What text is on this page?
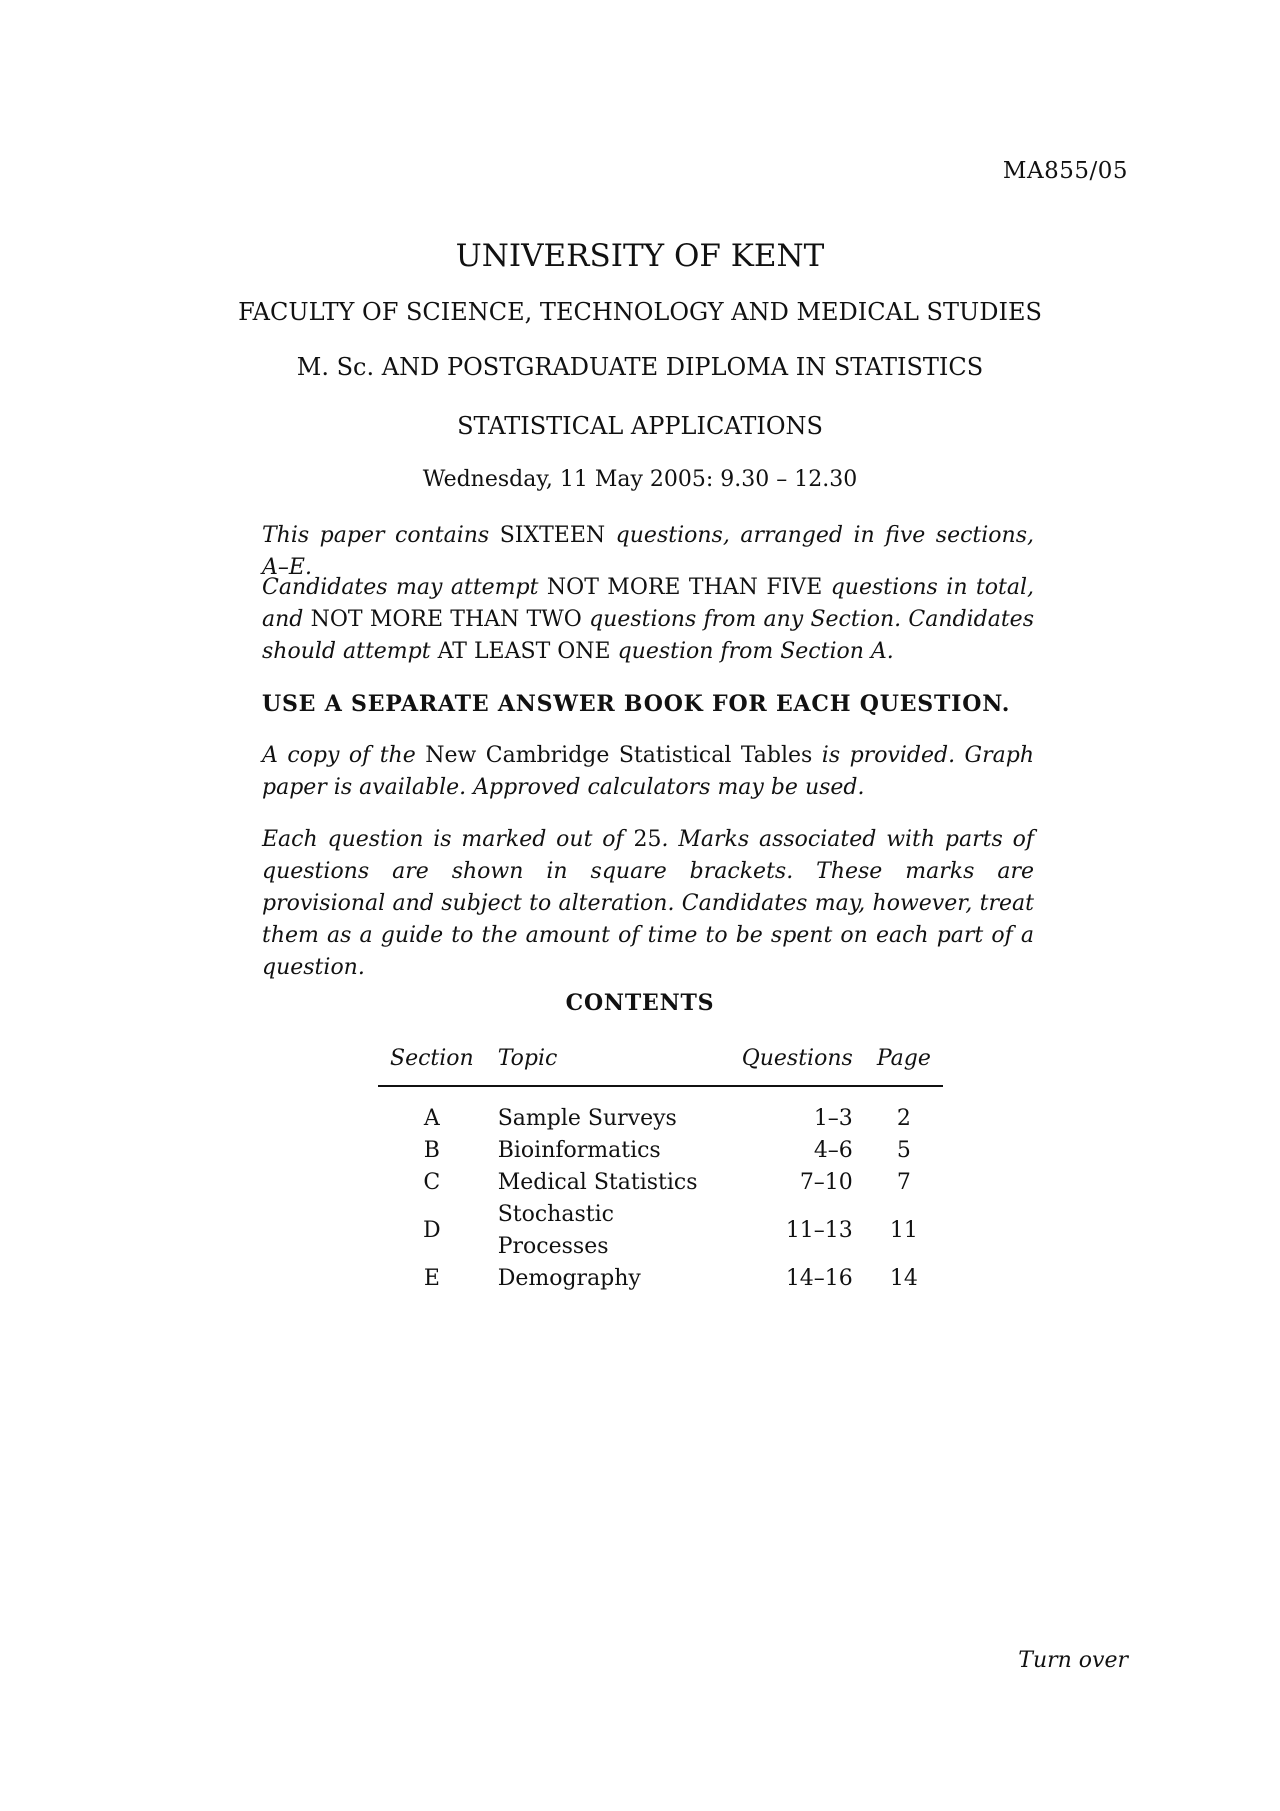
MA855/05
UNIVERSITY OF KENT
FACULTY OF SCIENCE, TECHNOLOGY AND MEDICAL STUDIES
M. Sc. AND POSTGRADUATE DIPLOMA IN STATISTICS
STATISTICAL APPLICATIONS
Wednesday, 11 May 2005: 9.30 – 12.30
This paper contains SIXTEEN questions, arranged in five sections, A–E.
Candidates may attempt NOT MORE THAN FIVE questions in total, and NOT MORE THAN TWO questions from any Section. Candidates should attempt AT LEAST ONE question from Section A.
USE A SEPARATE ANSWER BOOK FOR EACH QUESTION.
A copy of the New Cambridge Statistical Tables is provided. Graph paper is available. Approved calculators may be used.
Each question is marked out of 25. Marks associated with parts of questions are shown in square brackets. These marks are provisional and subject to alteration. Candidates may, however, treat them as a guide to the amount of time to be spent on each part of a question.
CONTENTS
Section	Topic	Questions	Page
A	Sample Surveys	1–3	2
B	Bioinformatics	4–6	5
C	Medical Statistics	7–10	7
D	Stochastic Processes	11–13	11
E	Demography	14–16	14
Turn over
